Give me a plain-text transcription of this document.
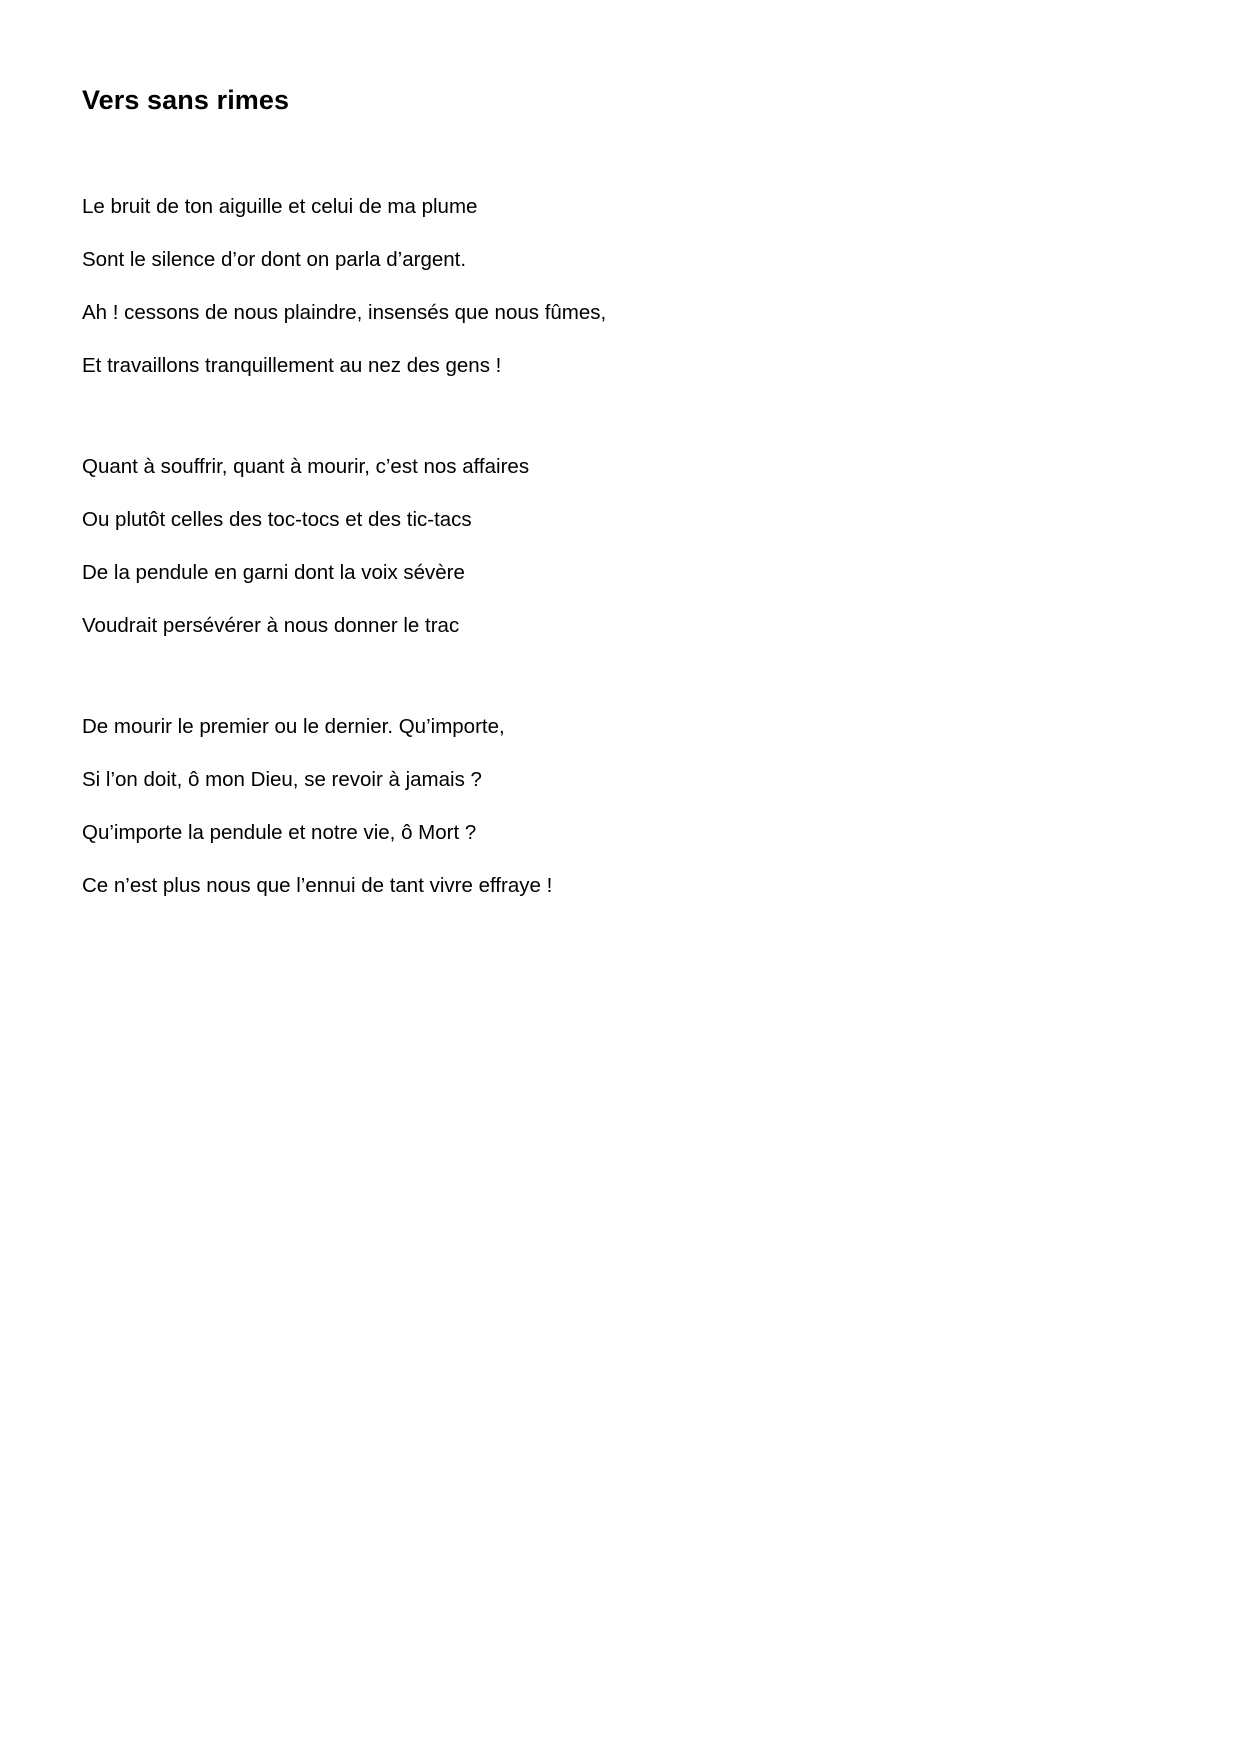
Vers sans rimes
Le bruit de ton aiguille et celui de ma plume
Sont le silence d’or dont on parla d’argent.
Ah ! cessons de nous plaindre, insensés que nous fûmes,
Et travaillons tranquillement au nez des gens !
Quant à souffrir, quant à mourir, c’est nos affaires
Ou plutôt celles des toc-tocs et des tic-tacs
De la pendule en garni dont la voix sévère
Voudrait persévérer à nous donner le trac
De mourir le premier ou le dernier. Qu’importe,
Si l’on doit, ô mon Dieu, se revoir à jamais ?
Qu’importe la pendule et notre vie, ô Mort ?
Ce n’est plus nous que l’ennui de tant vivre effraye !
